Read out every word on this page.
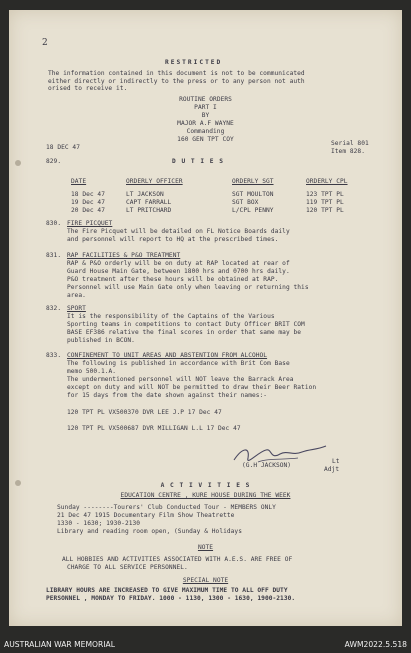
2
RESTRICTED
The information contained in this document is not to be communicated
either directly or indirectly to the press or to any person not auth
orised to receive it.
ROUTINE ORDERS
PART I
BY
MAJOR A.F WAYNE
Commanding
160 GEN TPT COY
18 DEC 47
Serial 801
Item 828.
829.	D U T I E S
DATE	ORDERLY OFFICER	ORDERLY SGT	ORDERLY CPL
18 Dec 47	LT JACKSON	SGT MOULTON	123 TPT PL
19 Dec 47	CAPT FARRALL	SGT BOX	119 TPT PL
20 Dec 47	LT PRITCHARD	L/CPL PENNY	120 TPT PL
830. FIRE PICQUET
The Fire Picquet will be detailed on FL Notice Boards daily
and personnel will report to HQ at the prescribed times.
831. RAP FACILITIES & P&O TREATMENT
RAP & P&O orderly will be on duty at RAP located at rear of
Guard House Main Gate, between 1800 hrs and 0700 hrs daily.
P&O treatment after these hours will be obtained at RAP.
Personnel will use Main Gate only when leaving or returning this
area.
832. SPORT
It is the responsibility of the Captains of the Various
Sporting teams in competitions to contact Duty Officer BRIT COM
BASE EF386 relative the final scores in order that same may be
published in BCON.
833. CONFINEMENT TO UNIT AREAS AND ABSTENTION FROM ALCOHOL
The following is published in accordance with Brit Com Base
memo 500.1.A.
The undermentioned personnel will NOT leave the Barrack Area
except on duty and will NOT be permitted to draw their Beer Ration
for 15 days from the date shown against their names:-
120 TPT PL VX500370 DVR LEE J.P 17 Dec 47
120 TPT PL VX500687 DVR MILLIGAN L.L 17 Dec 47
(G.H JACKSON)
Lt
Adjt
A C T I V I T I E S
EDUCATION CENTRE , KURE HOUSE DURING THE WEEK
Sunday --------Tourers' Club Conducted Tour - MEMBERS ONLY
21 Dec 47 1915 Documentary Film Show Theatrette
1330 - 1630; 1930-2130
Library and reading room open, (Sunday & Holidays
NOTE
ALL HOBBIES AND ACTIVITIES ASSOCIATED WITH A.E.S. ARE FREE OF
CHARGE TO ALL SERVICE PERSONNEL.
SPECIAL NOTE
LIBRARY HOURS ARE INCREASED TO GIVE MAXIMUM TIME TO ALL OFF DUTY
PERSONNEL , MONDAY TO FRIDAY. 1000 - 1130, 1300 - 1630, 1900-2130.
AUSTRALIAN WAR MEMORIAL	AWM2022.5.518
